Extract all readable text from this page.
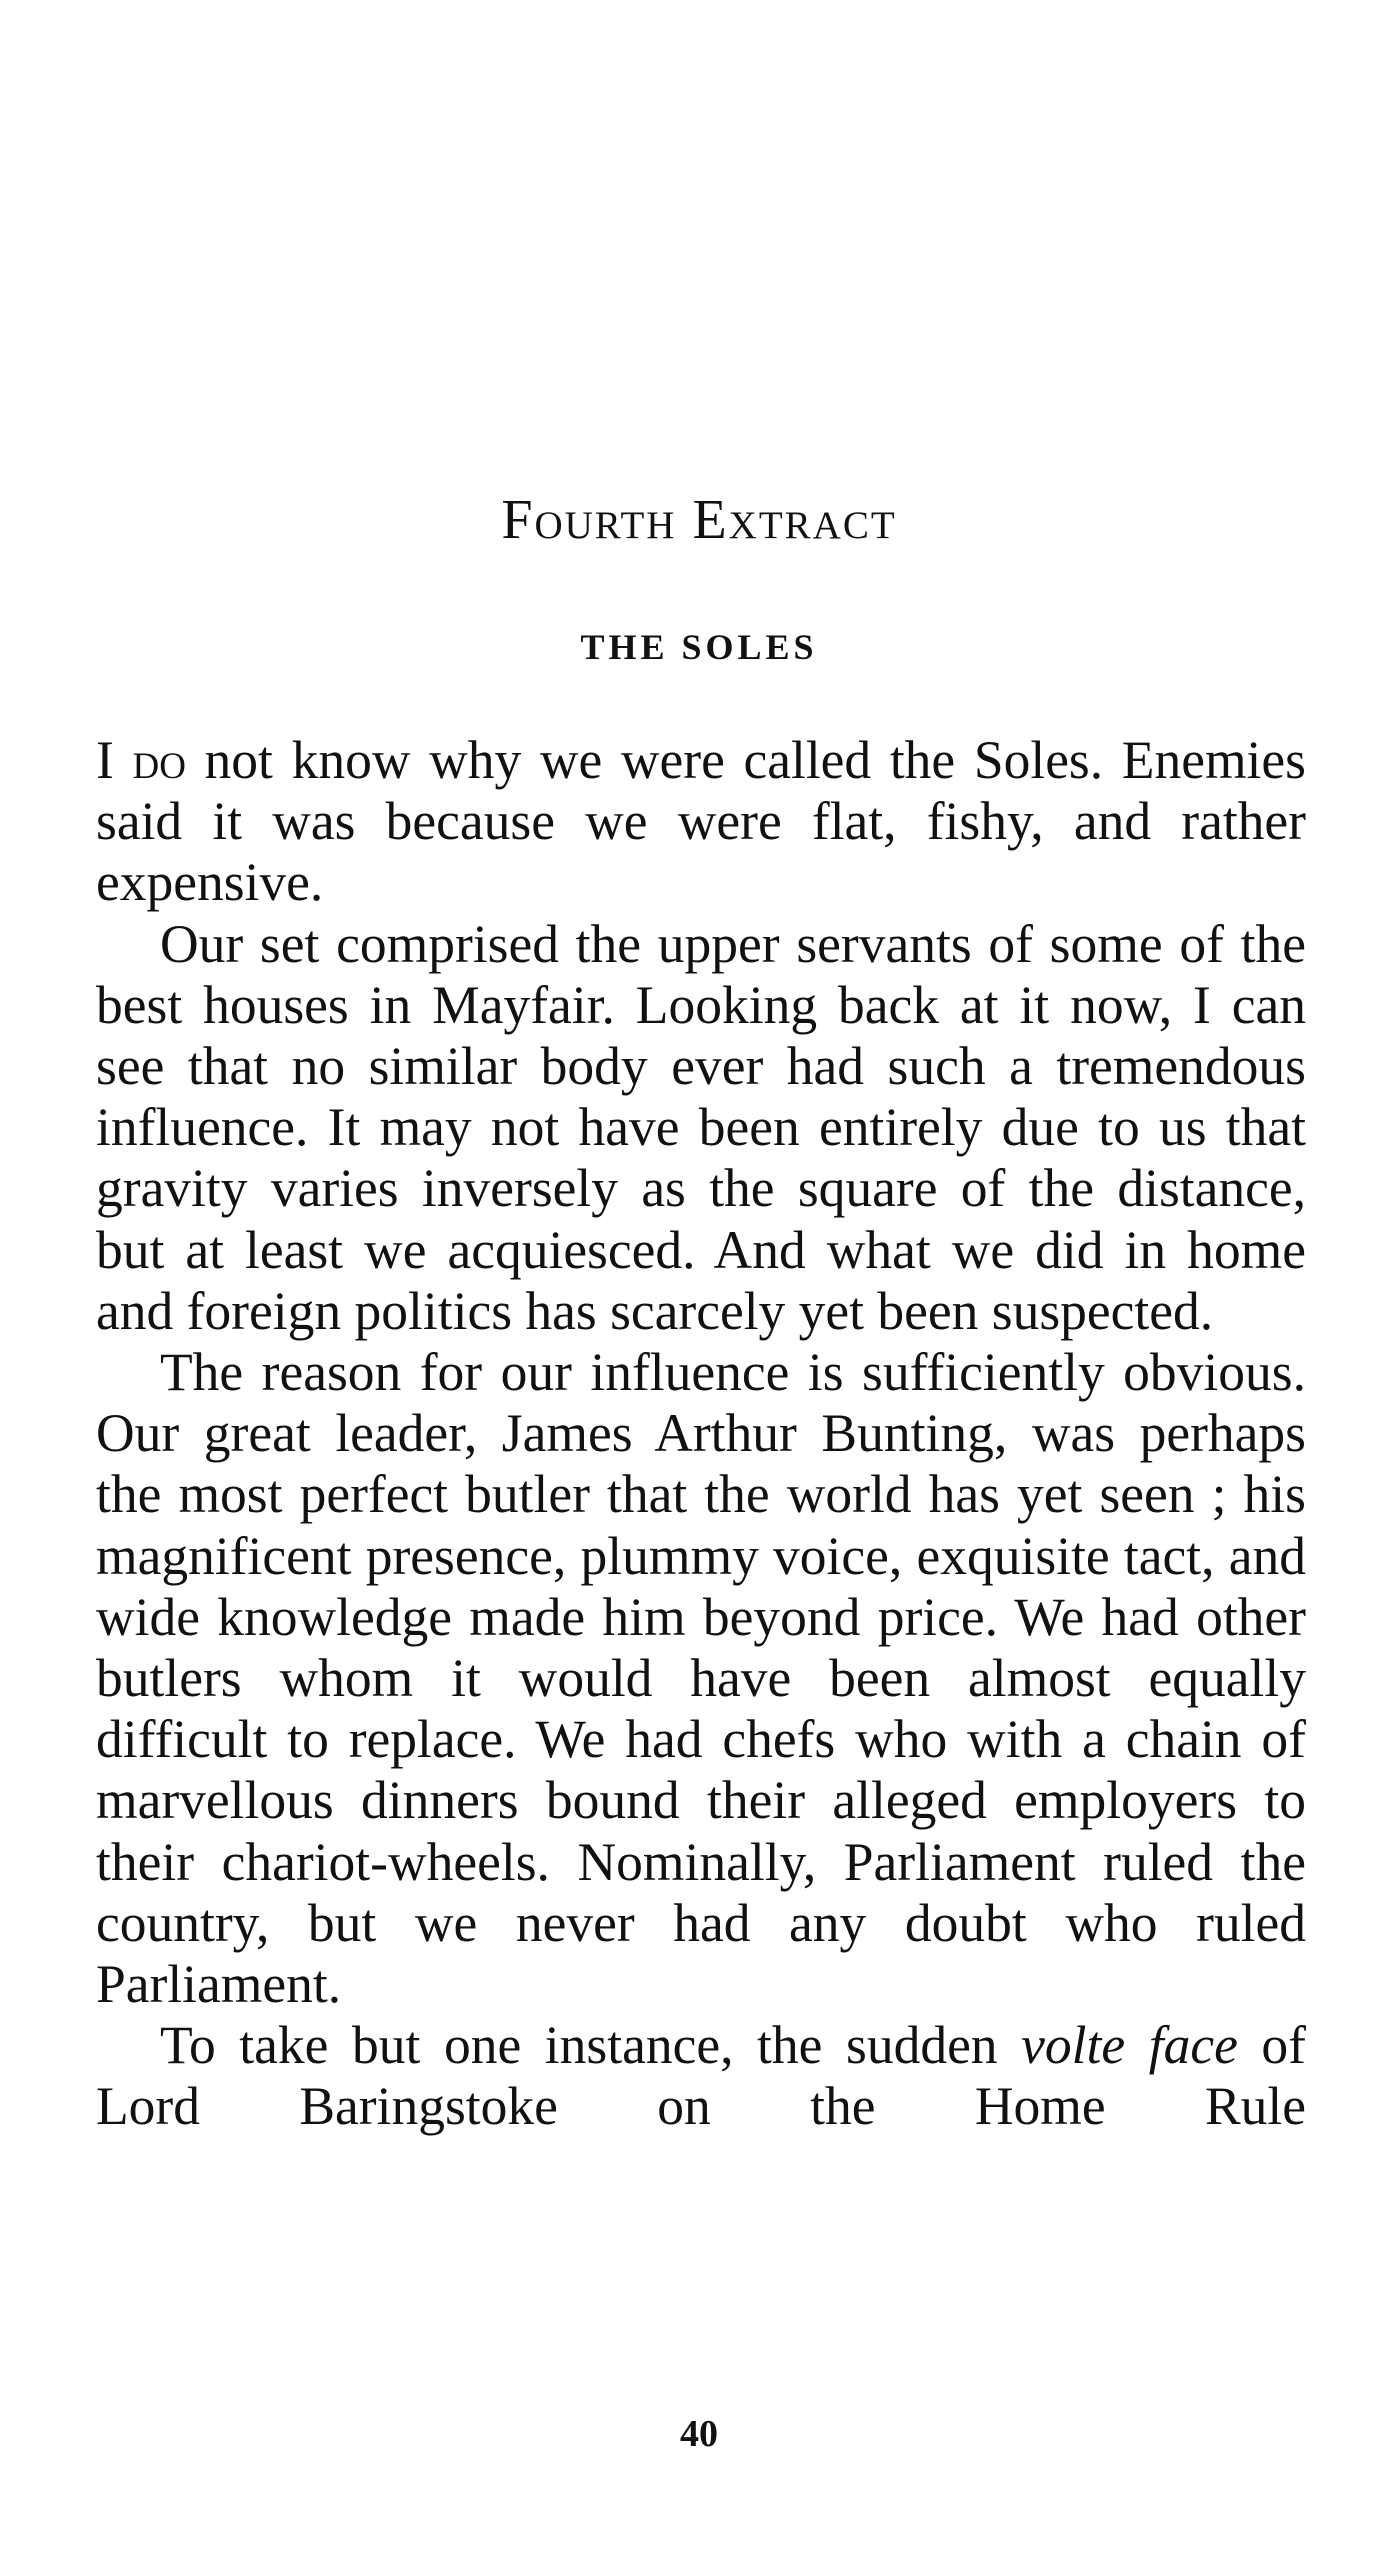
Fourth Extract
THE SOLES

I do not know why we were called the Soles. Enemies said it was because we were flat, fishy, and rather expensive.

Our set comprised the upper servants of some of the best houses in Mayfair. Looking back at it now, I can see that no similar body ever had such a tremendous influence. It may not have been entirely due to us that gravity varies inversely as the square of the distance, but at least we acquiesced. And what we did in home and foreign politics has scarcely yet been suspected.

The reason for our influence is sufficiently obvious. Our great leader, James Arthur Bunting, was perhaps the most perfect butler that the world has yet seen ; his magnificent presence, plummy voice, exquisite tact, and wide knowledge made him beyond price. We had other butlers whom it would have been almost equally difficult to replace. We had chefs who with a chain of marvellous dinners bound their alleged employers to their chariot-wheels. Nominally, Parliament ruled the country, but we never had any doubt who ruled Parliament.

To take but one instance, the sudden volte face of Lord Baringstoke on the Home Rule

40
